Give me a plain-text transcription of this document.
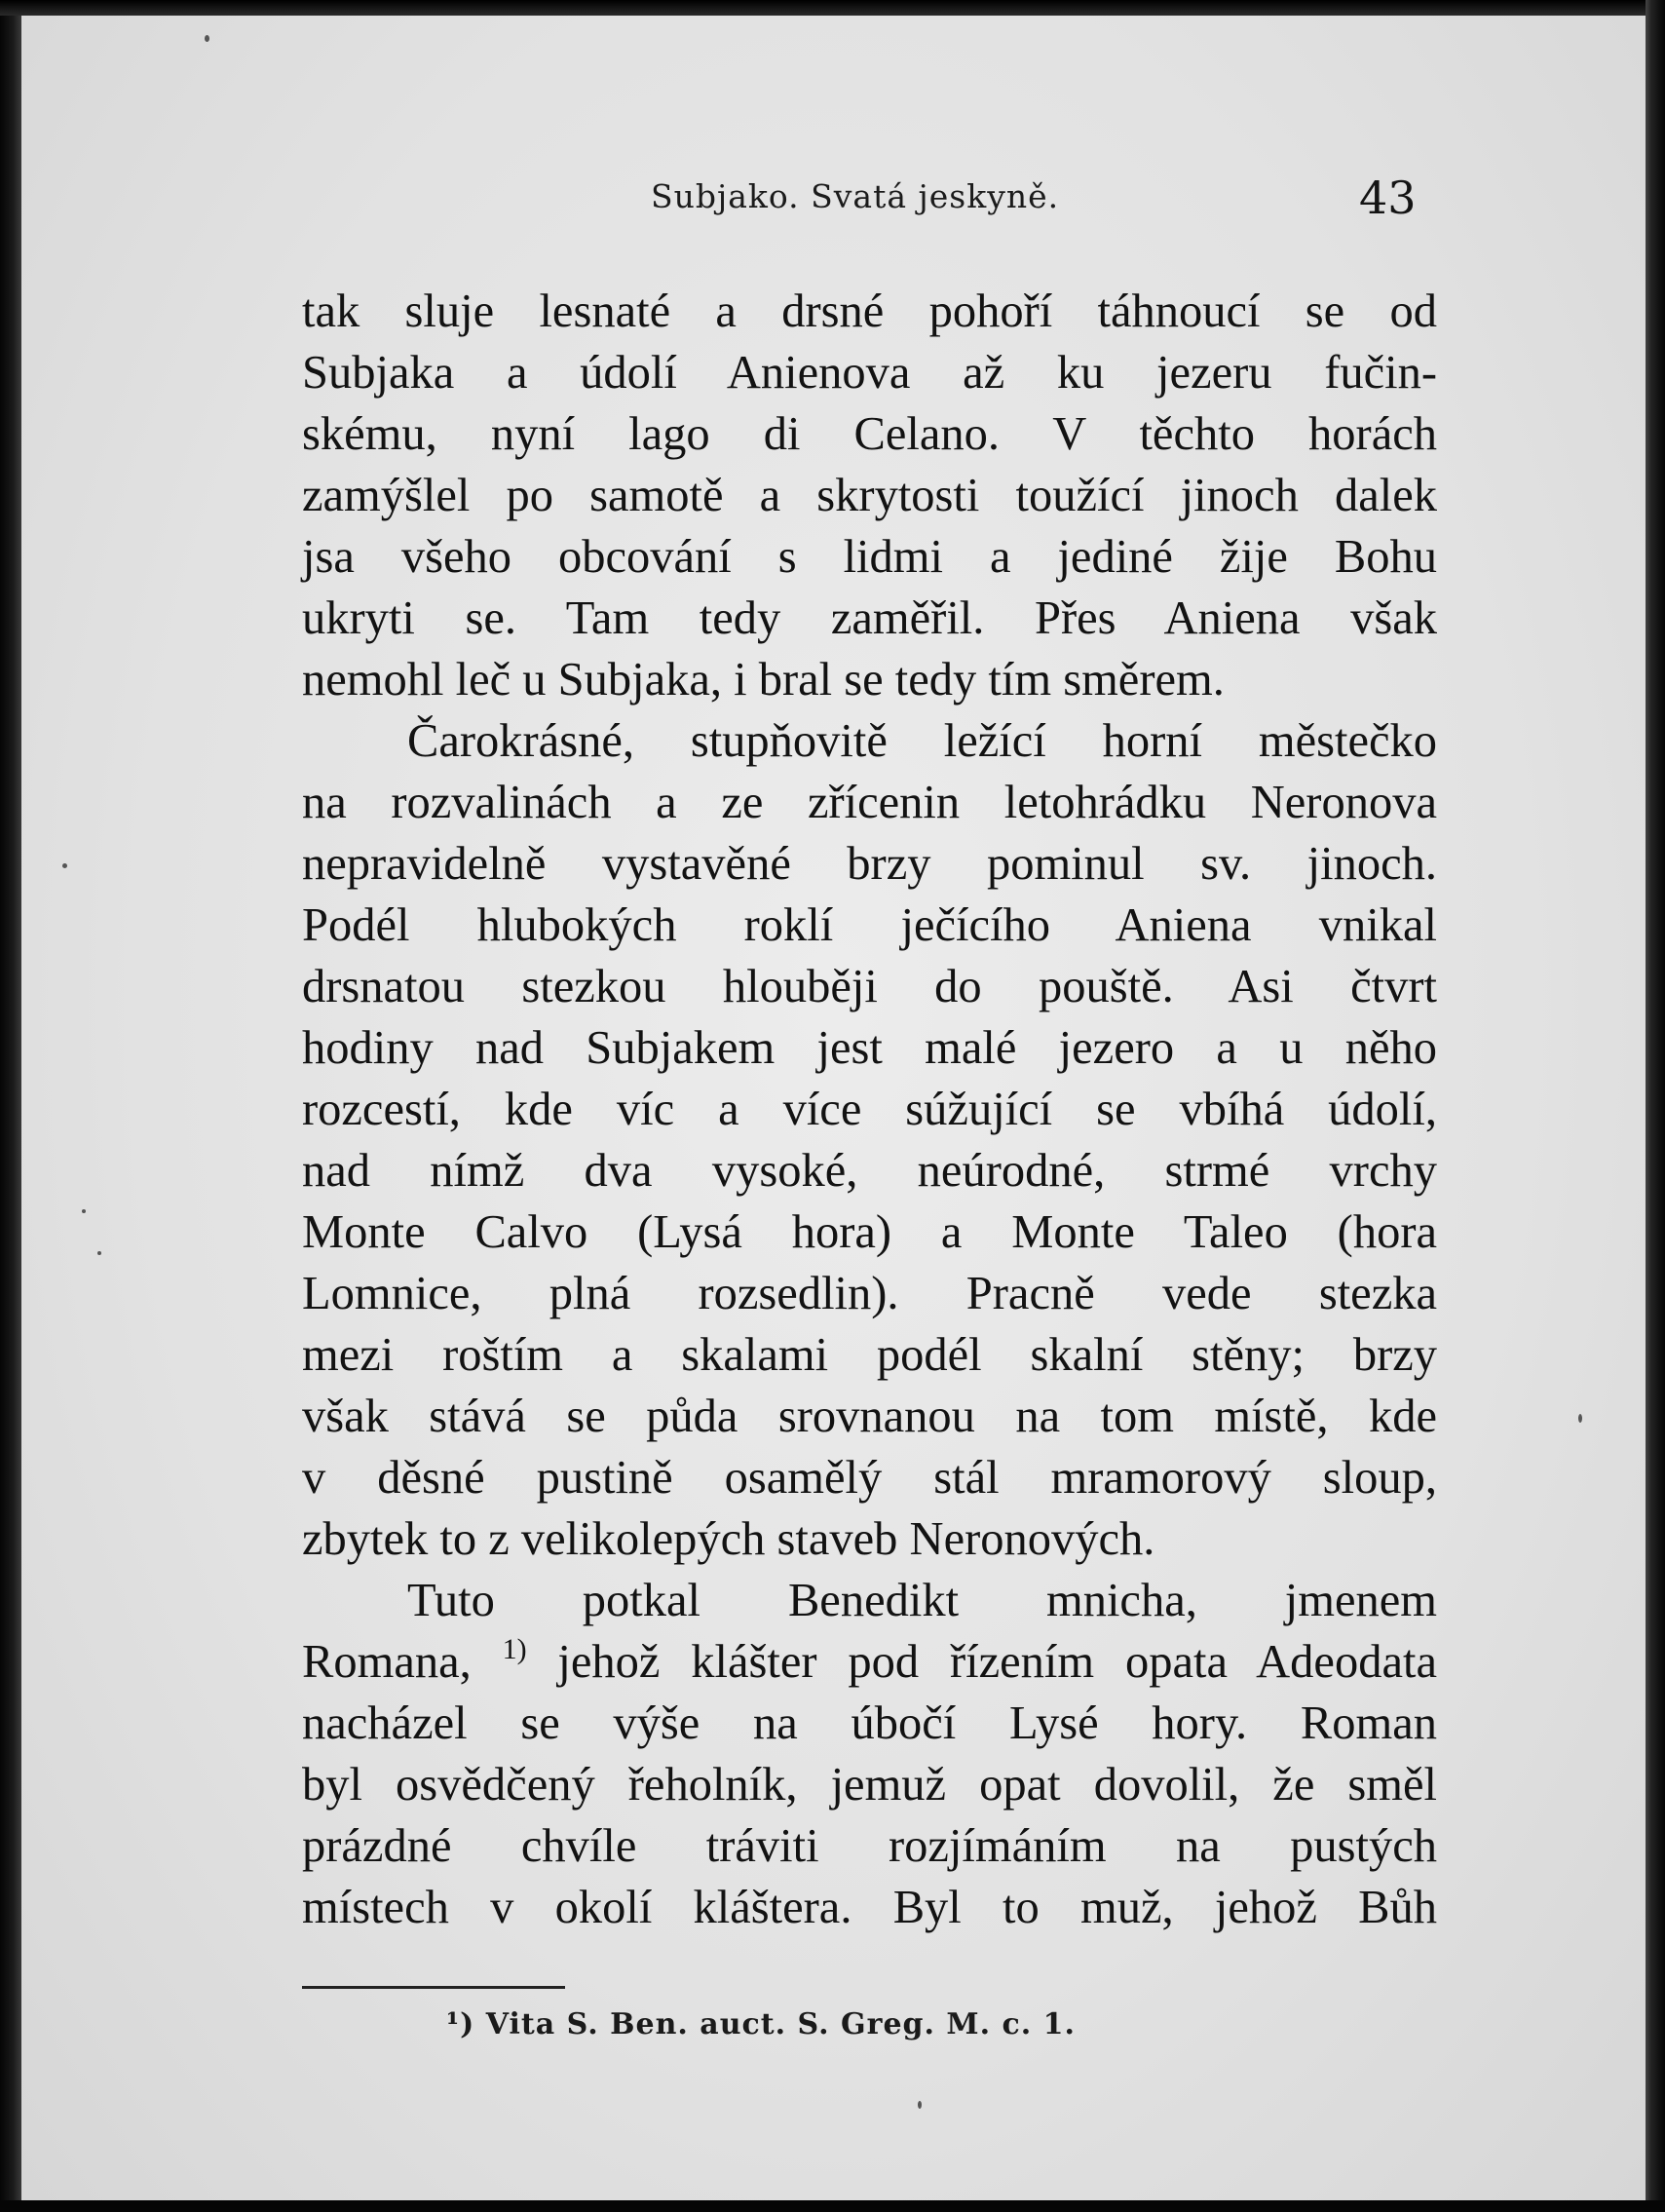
Subjako. Svatá jeskyně.	43
tak sluje lesnaté a drsné pohoří táhnoucí se od
Subjaka a údolí Anienova až ku jezeru fučin-
skému, nyní lago di Celano. V těchto horách
zamýšlel po samotě a skrytosti toužící jinoch dalek
jsa všeho obcování s lidmi a jediné žije Bohu
ukryti se. Tam tedy zaměřil. Přes Aniena však
nemohl leč u Subjaka, i bral se tedy tím směrem.
Čarokrásné, stupňovitě ležící horní městečko
na rozvalinách a ze zřícenin letohrádku Neronova
nepravidelně vystavěné brzy pominul sv. jinoch.
Podél hlubokých roklí ječícího Aniena vnikal
drsnatou stezkou hlouběji do pouště. Asi čtvrt
hodiny nad Subjakem jest malé jezero a u něho
rozcestí, kde víc a více súžující se vbíhá údolí,
nad nímž dva vysoké, neúrodné, strmé vrchy
Monte Calvo (Lysá hora) a Monte Taleo (hora
Lomnice, plná rozsedlin). Pracně vede stezka
mezi roštím a skalami podél skalní stěny; brzy
však stává se půda srovnanou na tom místě, kde
v děsné pustině osamělý stál mramorový sloup,
zbytek to z velikolepých staveb Neronových.
Tuto potkal Benedikt mnicha, jmenem
Romana, $^{1)}$ jehož klášter pod řízením opata Adeodata
nacházel se výše na úbočí Lysé hory. Roman
byl osvědčený řeholník, jemuž opat dovolil, že směl
prázdné chvíle tráviti rozjímáním na pustých
místech v okolí kláštera. Byl to muž, jehož Bůh
¹) Vita S. Ben. auct. S. Greg. M. c. 1.
